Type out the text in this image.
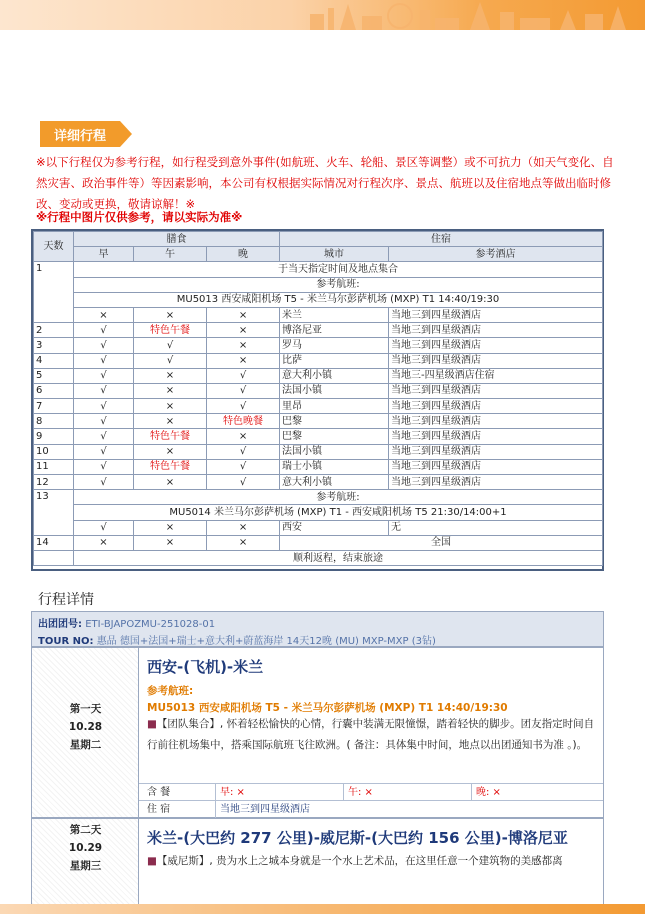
详细行程
※以下行程仅为参考行程，如行程受到意外事件(如航班、火车、轮船、景区等调整）或不可抗力（如天气变化、自然灾害、政治事件等）等因素影响，本公司有权根据实际情况对行程次序、景点、航班以及住宿地点等做出临时修改、变动或更换，敬请谅解！※
※行程中图片仅供参考，请以实际为准※
天数	膳食			住宿	
	早	午	晚	城市	参考酒店
1	于当天指定时间及地点集合				
	参考航班:				
	MU5013 西安咸阳机场 T5 - 米兰马尔彭萨机场 (MXP) T1 14:40/19:30				
	×	×	×	米兰	当地三到四星级酒店
2	√	特色午餐	×	博洛尼亚	当地三到四星级酒店
3	√	√	×	罗马	当地三到四星级酒店
4	√	√	×	比萨	当地三到四星级酒店
5	√	×	√	意大利小镇	当地三-四星级酒店住宿
6	√	×	√	法国小镇	当地三到四星级酒店
7	√	×	√	里昂	当地三到四星级酒店
8	√	×	特色晚餐	巴黎	当地三到四星级酒店
9	√	特色午餐	×	巴黎	当地三到四星级酒店
10	√	×	√	法国小镇	当地三到四星级酒店
11	√	特色午餐	√	瑞士小镇	当地三到四星级酒店
12	√	×	√	意大利小镇	当地三到四星级酒店
13	参考航班:				
	MU5014 米兰马尔彭萨机场 (MXP) T1 - 西安咸阳机场 T5 21:30/14:00+1				
	√	×	×	西安	无
14	×	×	×	全国	
	顺利返程，结束旅途				
行程详情
出团团号: ETI-BJAPOZMU-251028-01
TOUR NO: 惠品 德国+法国+瑞士+意大利+蔚蓝海岸 14天12晚 (MU) MXP-MXP (3钻)
第一天
10.28
星期二
西安-(飞机)-米兰
参考航班:
MU5013 西安咸阳机场 T5 - 米兰马尔彭萨机场 (MXP) T1 14:40/19:30
■【团队集合】, 怀着轻松愉快的心情，行囊中装满无限憧憬，踏着轻快的脚步。团友指定时间自行前往机场集中，搭乘国际航班飞往欧洲。( 备注：具体集中时间，地点以出团通知书为准 。)。
含 餐	早: ×	午: ×	晚: ×
住 宿	当地三到四星级酒店
第二天
10.29
星期三
米兰-(大巴约 277 公里)-威尼斯-(大巴约 156 公里)-博洛尼亚
■【威尼斯】, 贵为水上之城本身就是一个水上艺术品，在这里任意一个建筑物的美感都离
